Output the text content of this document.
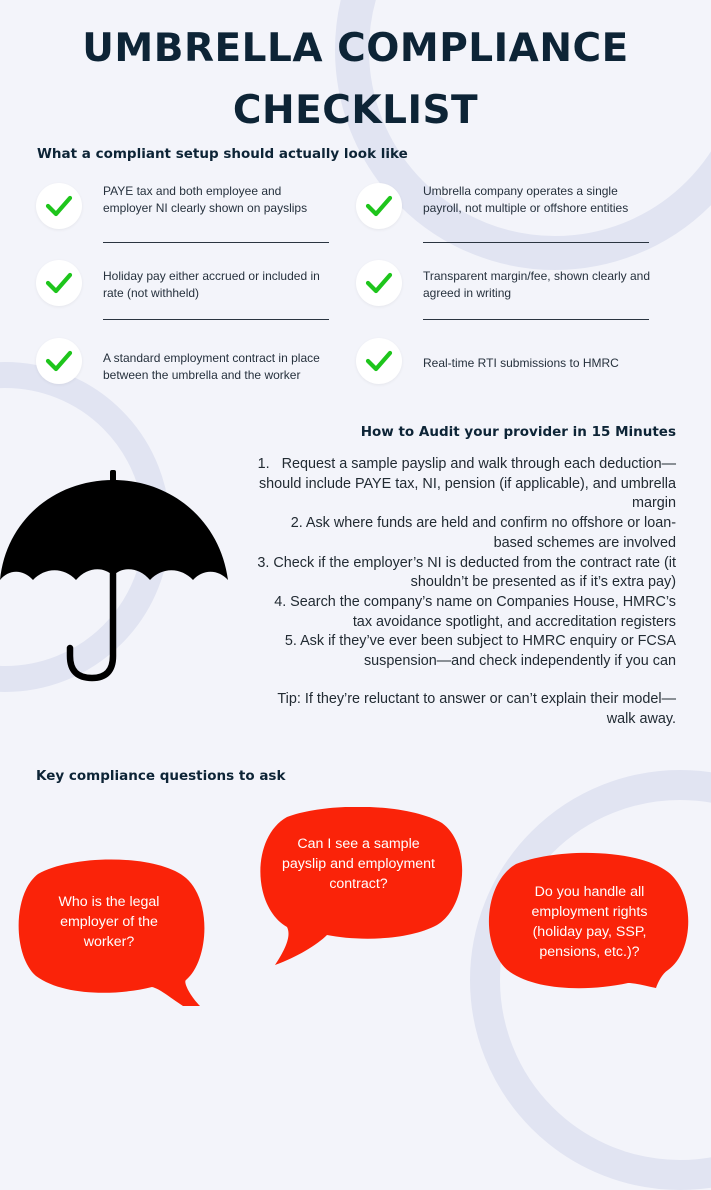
UMBRELLA COMPLIANCE
CHECKLIST
What a compliant setup should actually look like
PAYE tax and both employee and employer NI clearly shown on payslips
Holiday pay either accrued or included in rate (not withheld)
A standard employment contract in place between the umbrella and the worker
Umbrella company operates a single payroll, not multiple or offshore entities
Transparent margin/fee, shown clearly and agreed in writing
Real-time RTI submissions to HMRC
How to Audit your provider in 15 Minutes
1.   Request a sample payslip and walk through each deduction—should include PAYE tax, NI, pension (if applicable), and umbrella margin
2. Ask where funds are held and confirm no offshore or loan-based schemes are involved
3. Check if the employer’s NI is deducted from the contract rate (it shouldn’t be presented as if it’s extra pay)
4. Search the company’s name on Companies House, HMRC’s tax avoidance spotlight, and accreditation registers
5. Ask if they’ve ever been subject to HMRC enquiry or FCSA suspension—and check independently if you can

Tip: If they’re reluctant to answer or can’t explain their model—walk away.

Key compliance questions to ask
Who is the legal employer of the worker?
Can I see a sample payslip and employment contract?	Do you handle all employment rights (holiday pay, SSP, pensions, etc.)?
